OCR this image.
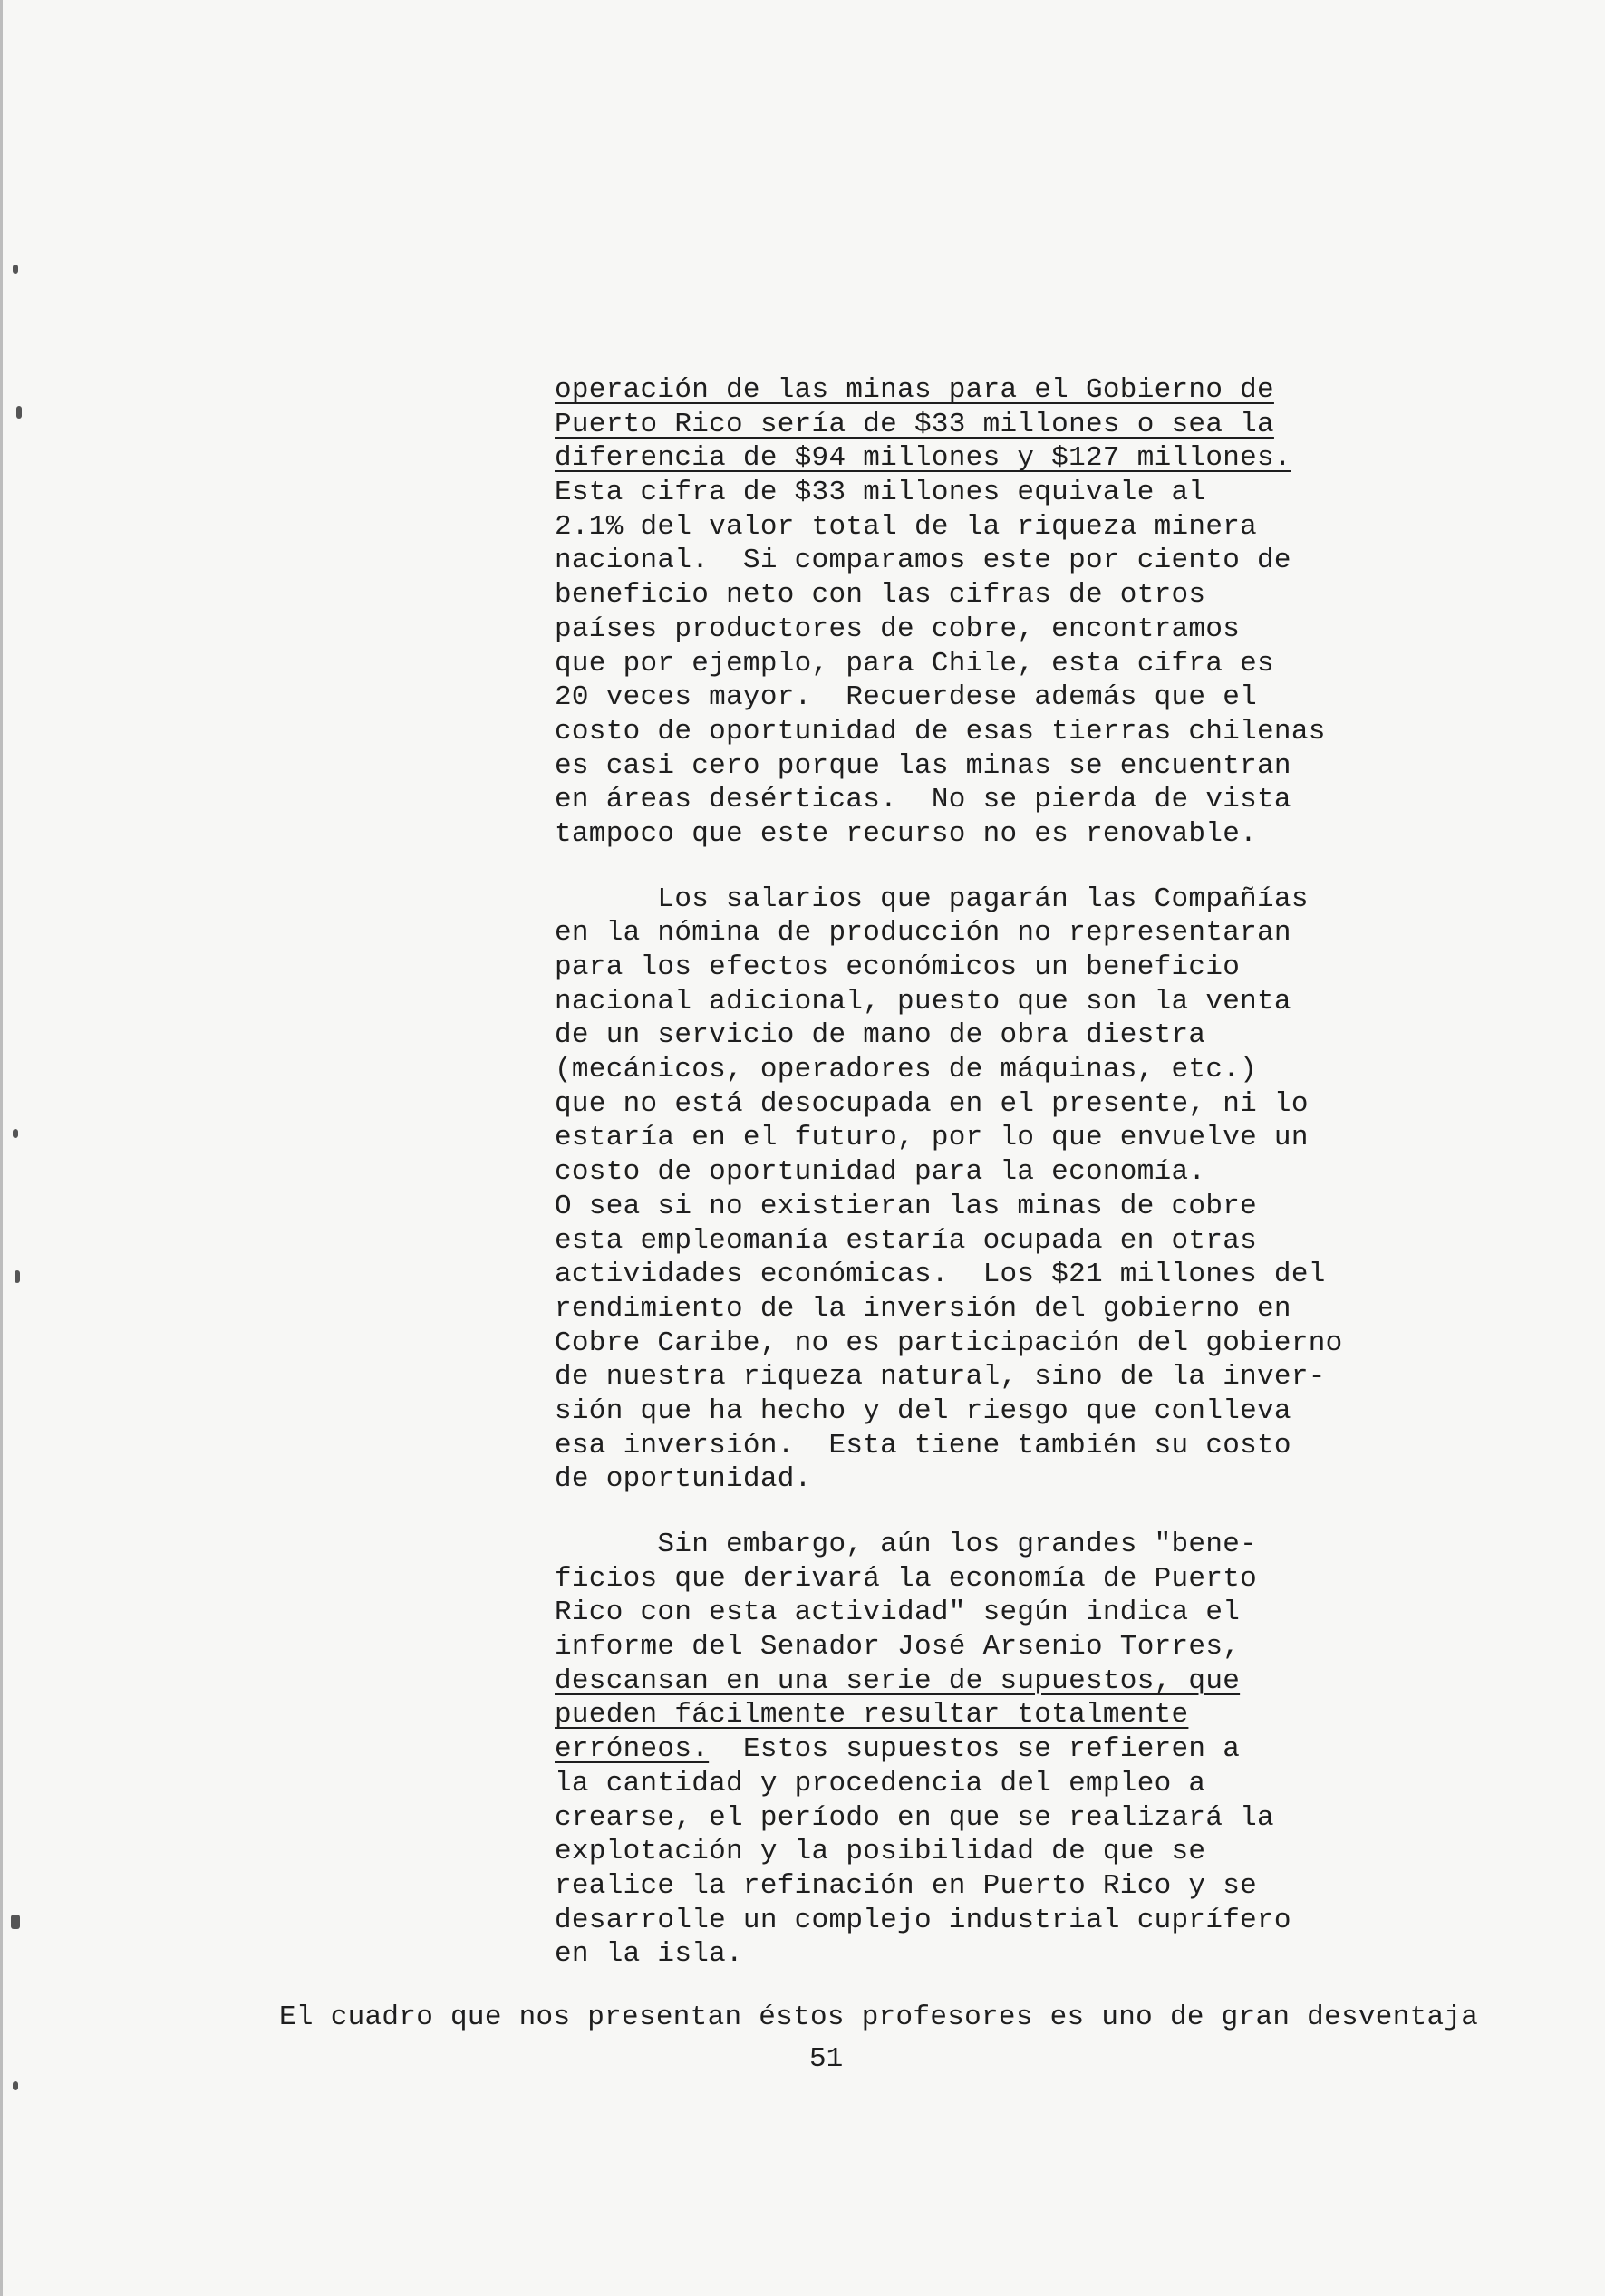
operación de las minas para el Gobierno de
Puerto Rico sería de $33 millones o sea la
diferencia de $94 millones y $127 millones.
Esta cifra de $33 millones equivale al
2.1% del valor total de la riqueza minera
nacional.  Si comparamos este por ciento de
beneficio neto con las cifras de otros
países productores de cobre, encontramos
que por ejemplo, para Chile, esta cifra es
20 veces mayor.  Recuerdese además que el
costo de oportunidad de esas tierras chilenas
es casi cero porque las minas se encuentran
en áreas desérticas.  No se pierda de vista
tampoco que este recurso no es renovable.
Los salarios que pagarán las Compañías
en la nómina de producción no representaran
para los efectos económicos un beneficio
nacional adicional, puesto que son la venta
de un servicio de mano de obra diestra
(mecánicos, operadores de máquinas, etc.)
que no está desocupada en el presente, ni lo
estaría en el futuro, por lo que envuelve un
costo de oportunidad para la economía.
O sea si no existieran las minas de cobre
esta empleomanía estaría ocupada en otras
actividades económicas.  Los $21 millones del
rendimiento de la inversión del gobierno en
Cobre Caribe, no es participación del gobierno
de nuestra riqueza natural, sino de la inver-
sión que ha hecho y del riesgo que conlleva
esa inversión.  Esta tiene también su costo
de oportunidad.
Sin embargo, aún los grandes "bene-
ficios que derivará la economía de Puerto
Rico con esta actividad" según indica el
informe del Senador José Arsenio Torres,
descansan en una serie de supuestos, que
pueden fácilmente resultar totalmente
erróneos.  Estos supuestos se refieren a
la cantidad y procedencia del empleo a
crearse, el período en que se realizará la
explotación y la posibilidad de que se
realice la refinación en Puerto Rico y se
desarrolle un complejo industrial cuprífero
en la isla.
El cuadro que nos presentan éstos profesores es uno de gran desventaja
51
